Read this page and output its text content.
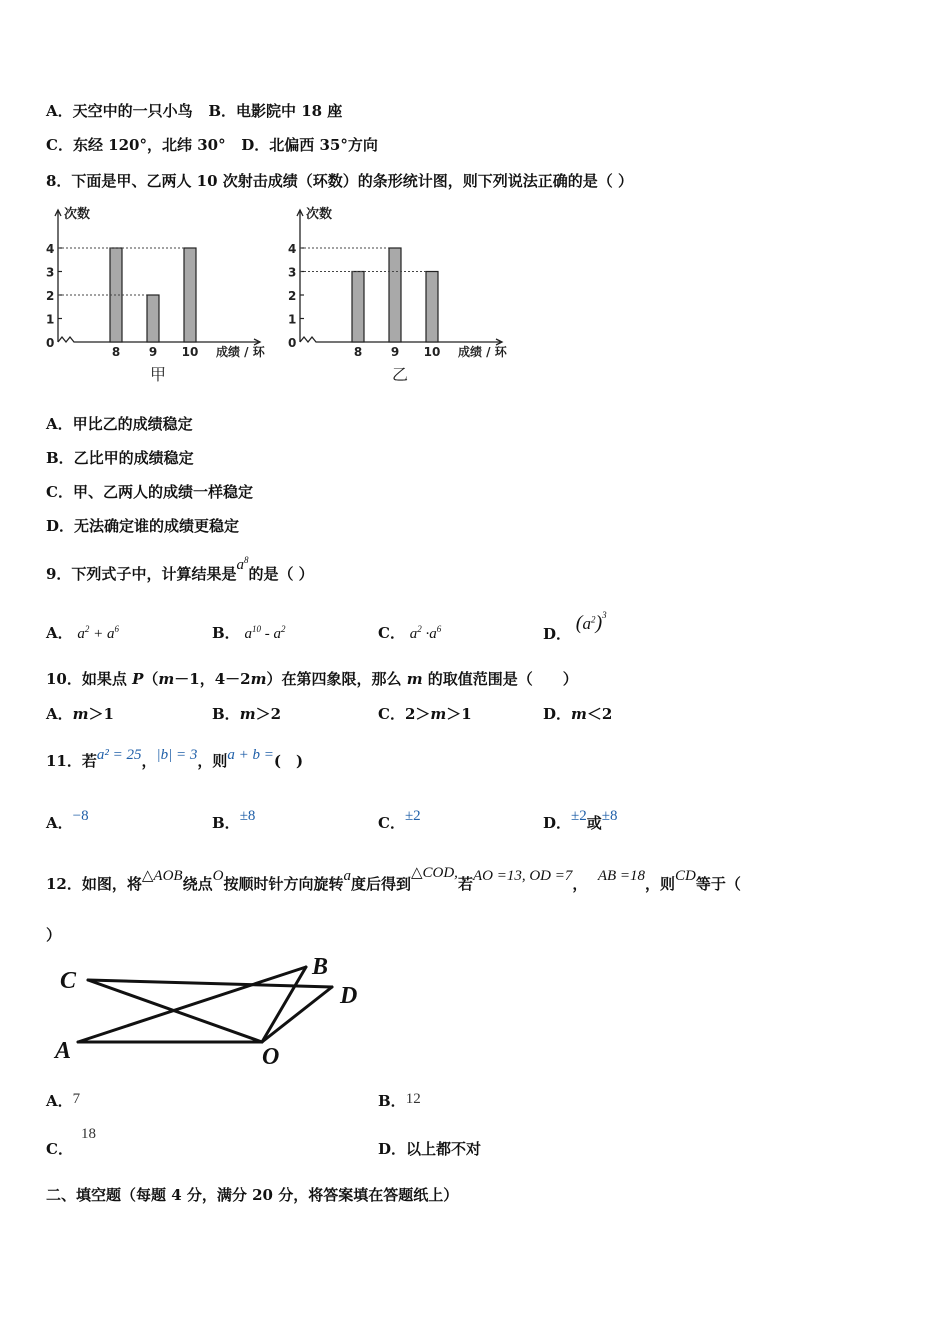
A．天空中的一只小鸟 B．电影院中 18 座
C．东经 120°，北纬 30° D．北偏西 35°方向
8．下面是甲、乙两人 10 次射击成绩（环数）的条形统计图，则下列说法正确的是（ ）
0
1
2
3
4
次数
8 9 10 成绩 / 环
甲
0
1
2
3
4
次数
8 9 10 成绩 / 环
乙
A．甲比乙的成绩稳定
B．乙比甲的成绩稳定
C．甲、乙两人的成绩一样稳定
D．无法确定谁的成绩更稳定
9．下列式子中，计算结果是$a^8$的是（ ）
A． $a^2 + a^6$	B． $a^{10} - a^2$	C． $a^2 \cdot a^6$	D． $(a^2)^3$
10．如果点 P（m－1，4－2m）在第四象限，那么 m 的取值范围是（　　）
A．m＞1	B．m＞2	C．2＞m＞1	D．m＜2
11．若a² = 25，|b| = 3，则a + b =(　)
A．−8	B．±8	C．±2	D．±2或±8
12．如图，将△AOB绕点O按顺时针方向旋转a度后得到△COD,若AO =13, OD =7， AB =18，则CD等于（
）
C
B
D
A	O
A．7	B．12
C．18
D．以上都不对
二、填空题（每题 4 分，满分 20 分，将答案填在答题纸上）
